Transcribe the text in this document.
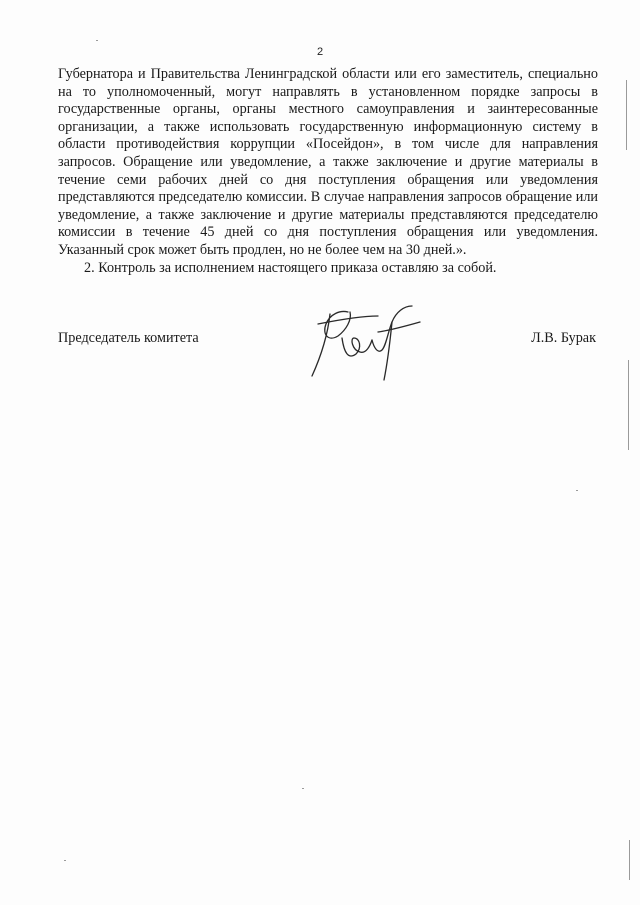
2

Губернатора и Правительства Ленинградской области или его заместитель, специально на то уполномоченный, могут направлять в установленном порядке запросы в государственные органы, органы местного самоуправления и заинтересованные организации, а также использовать государственную информационную систему в области противодействия коррупции «Посейдон», в том числе для направления запросов. Обращение или уведомление, а также заключение и другие материалы в течение семи рабочих дней со дня поступления обращения или уведомления представляются председателю комиссии. В случае направления запросов обращение или уведомление, а также заключение и другие материалы представляются председателю комиссии в течение 45 дней со дня поступления обращения или уведомления. Указанный срок может быть продлен, но не более чем на 30 дней.».

2. Контроль за исполнением настоящего приказа оставляю за собой.

Председатель комитета	Л.В. Бурак
